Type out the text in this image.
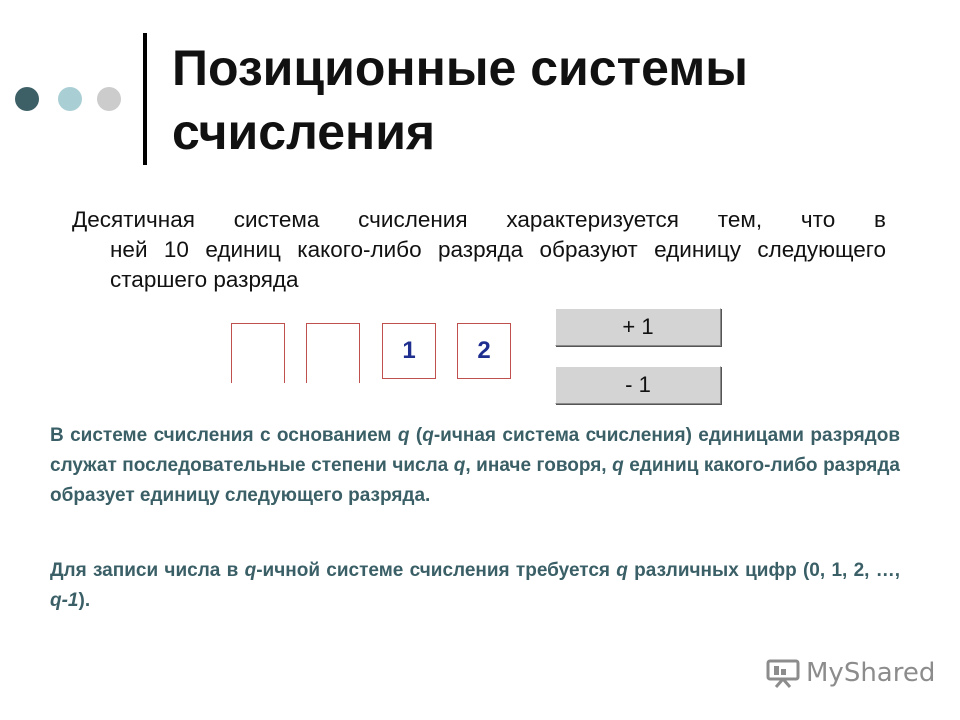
Позиционные системы счисления
Десятичная система счисления характеризуется тем, что в
ней 10 единиц какого-либо разряда образуют единицу следующего старшего разряда
1	2
+ 1
- 1

В системе счисления с основанием q (q-ичная система счисления) единицами разрядов служат последовательные степени числа q, иначе говоря, q единиц какого-либо разряда образует единицу следующего разряда.

Для записи числа в q-ичной системе счисления требуется q различных цифр (0, 1, 2, …, q-1).

MyShared
